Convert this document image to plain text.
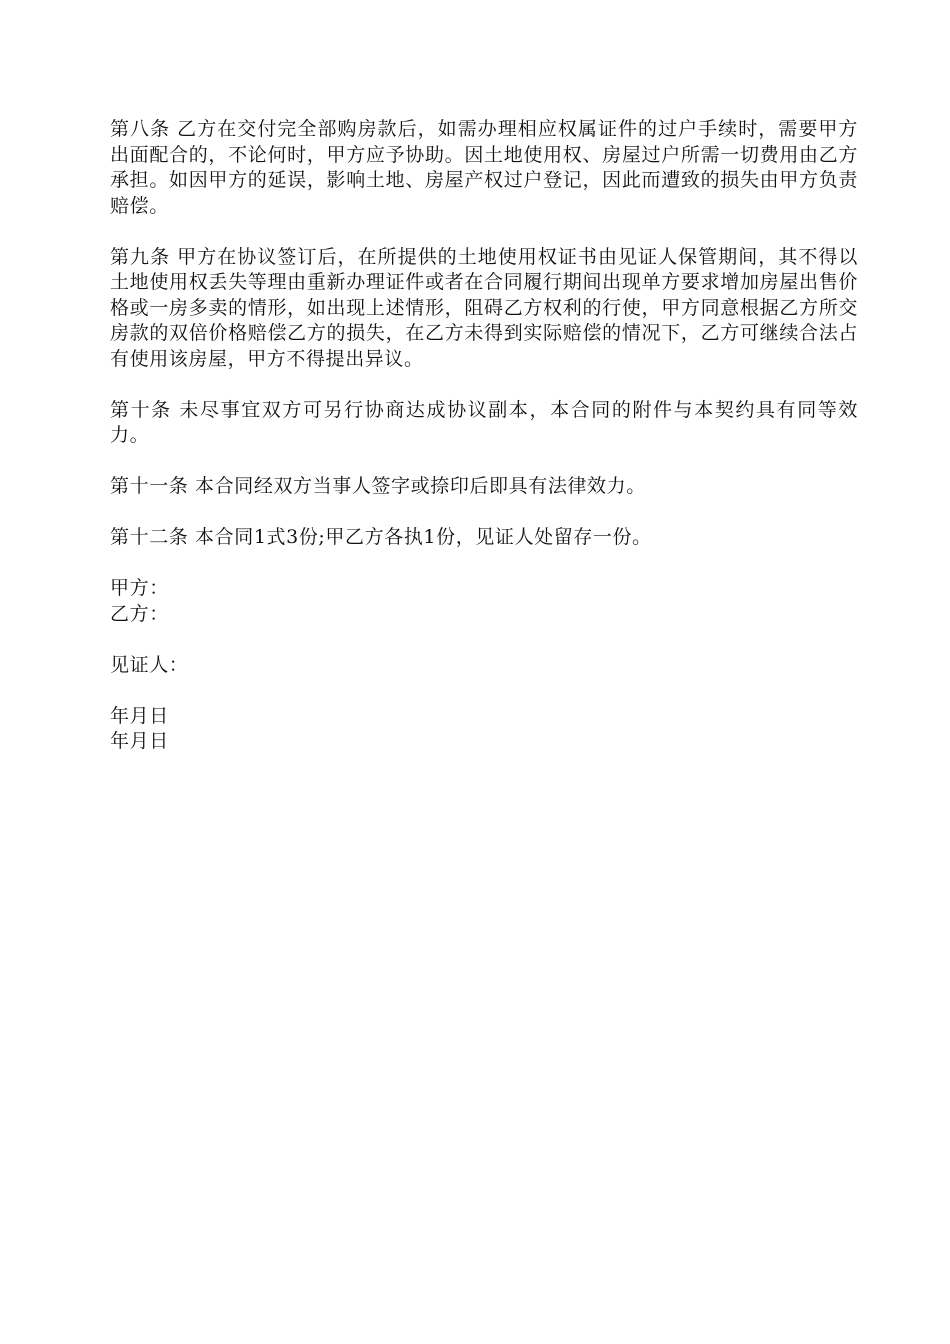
第八条 乙方在交付完全部购房款后，如需办理相应权属证件的过户手续时，需要甲方出面配合的，不论何时，甲方应予协助。因土地使用权、房屋过户所需一切费用由乙方承担。如因甲方的延误，影响土地、房屋产权过户登记，因此而遭致的损失由甲方负责赔偿。

第九条 甲方在协议签订后，在所提供的土地使用权证书由见证人保管期间，其不得以土地使用权丢失等理由重新办理证件或者在合同履行期间出现单方要求增加房屋出售价格或一房多卖的情形，如出现上述情形，阻碍乙方权利的行使，甲方同意根据乙方所交房款的双倍价格赔偿乙方的损失，在乙方未得到实际赔偿的情况下，乙方可继续合法占有使用该房屋，甲方不得提出异议。

第十条 未尽事宜双方可另行协商达成协议副本，本合同的附件与本契约具有同等效力。

第十一条 本合同经双方当事人签字或捺印后即具有法律效力。

第十二条 本合同1式3份;甲乙方各执1份，见证人处留存一份。

甲方：
乙方：

见证人：

年月日
年月日
